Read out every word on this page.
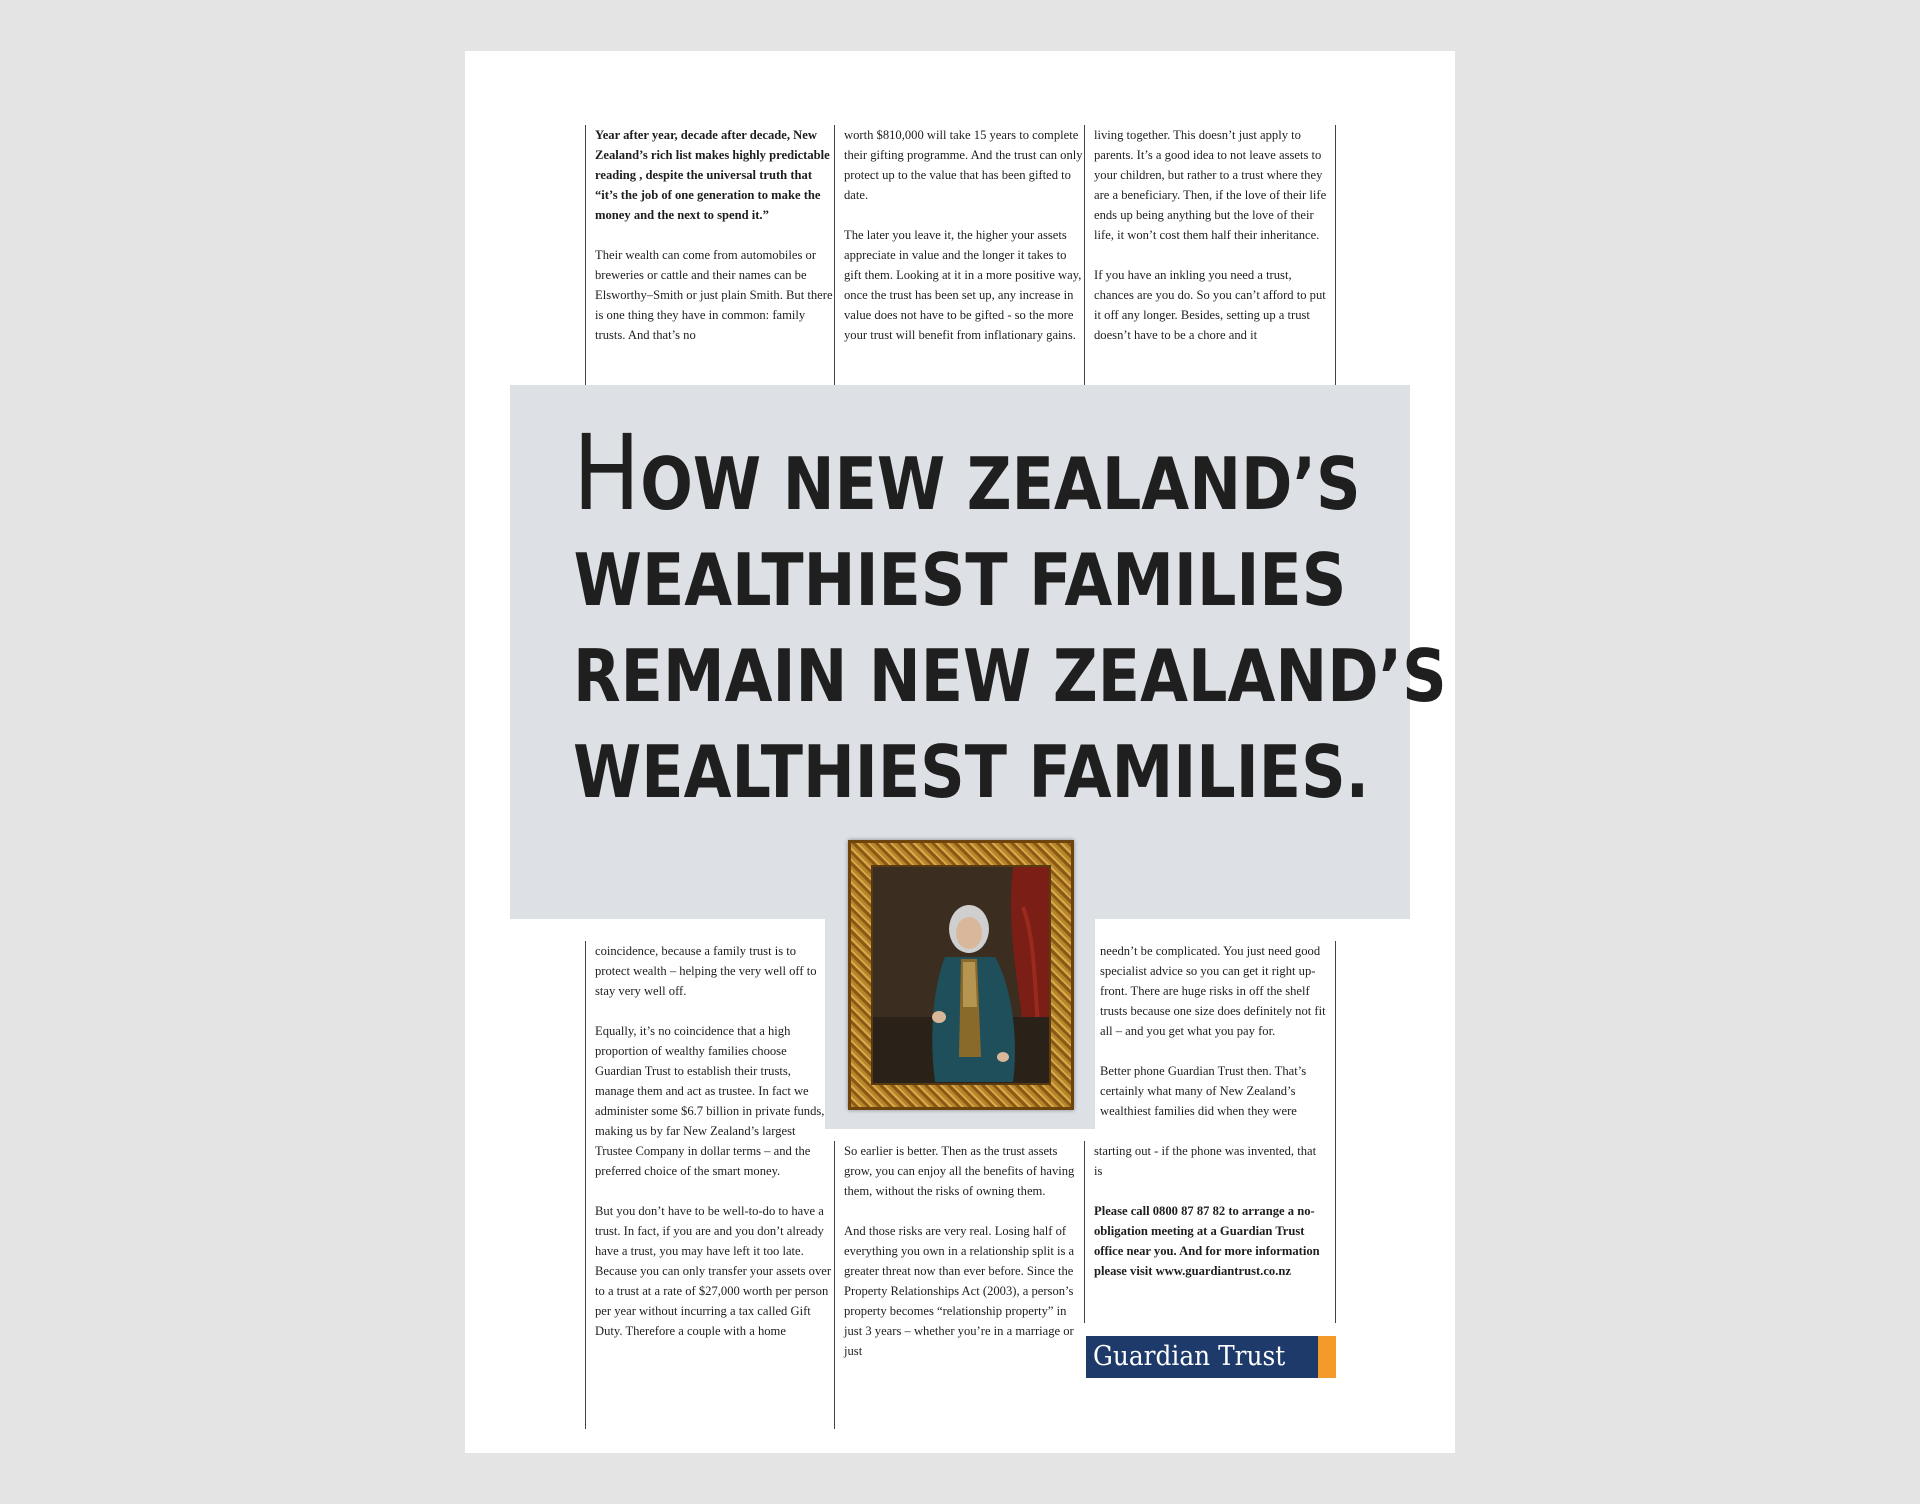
Year after year, decade after decade, New Zealand’s rich list makes highly predictable reading , despite the universal truth that “it’s the job of one generation to make the money and the next to spend it.”

Their wealth can come from automobiles or breweries or cattle and their names can be Elsworthy–Smith or just plain Smith. But there is one thing they have in common: family trusts. And that’s no

worth $810,000 will take 15 years to complete their gifting programme. And the trust can only protect up to the value that has been gifted to date.

The later you leave it, the higher your assets appreciate in value and the longer it takes to gift them. Looking at it in a more positive way, once the trust has been set up, any increase in value does not have to be gifted - so the more your trust will benefit from inflationary gains.

living together. This doesn’t just apply to parents. It’s a good idea to not leave assets to your children, but rather to a trust where they are a beneficiary. Then, if the love of their life ends up being anything but the love of their life, it won’t cost them half their inheritance.

If you have an inkling you need a trust, chances are you do. So you can’t afford to put it off any longer. Besides, setting up a trust doesn’t have to be a chore and it

HOW NEW ZEALAND’S
WEALTHIEST FAMILIES
REMAIN NEW ZEALAND’S
WEALTHIEST FAMILIES.

coincidence, because a family trust is to protect wealth – helping the very well off to stay very well off.

Equally, it’s no coincidence that a high proportion of wealthy families choose Guardian Trust to establish their trusts, manage them and act as trustee. In fact we administer some $6.7 billion in private funds, making us by far New Zealand’s largest Trustee Company in dollar terms – and the preferred choice of the smart money.

But you don’t have to be well-to-do to have a trust. In fact, if you are and you don’t already have a trust, you may have left it too late. Because you can only transfer your assets over to a trust at a rate of $27,000 worth per person per year without incurring a tax called Gift Duty. Therefore a couple with a home

So earlier is better. Then as the trust assets grow, you can enjoy all the benefits of having them, without the risks of owning them.

And those risks are very real. Losing half of everything you own in a relationship split is a greater threat now than ever before. Since the Property Relationships Act (2003), a person’s property becomes “relationship property” in just 3 years – whether you’re in a marriage or just

needn’t be complicated. You just need good specialist advice so you can get it right up-front. There are huge risks in off the shelf trusts because one size does definitely not fit all – and you get what you pay for.

Better phone Guardian Trust then. That’s certainly what many of New Zealand’s wealthiest families did when they were

starting out - if the phone was invented, that is

Please call 0800 87 87 82 to arrange a no-obligation meeting at a Guardian Trust office near you. And for more information please visit www.guardiantrust.co.nz

Guardian Trust
